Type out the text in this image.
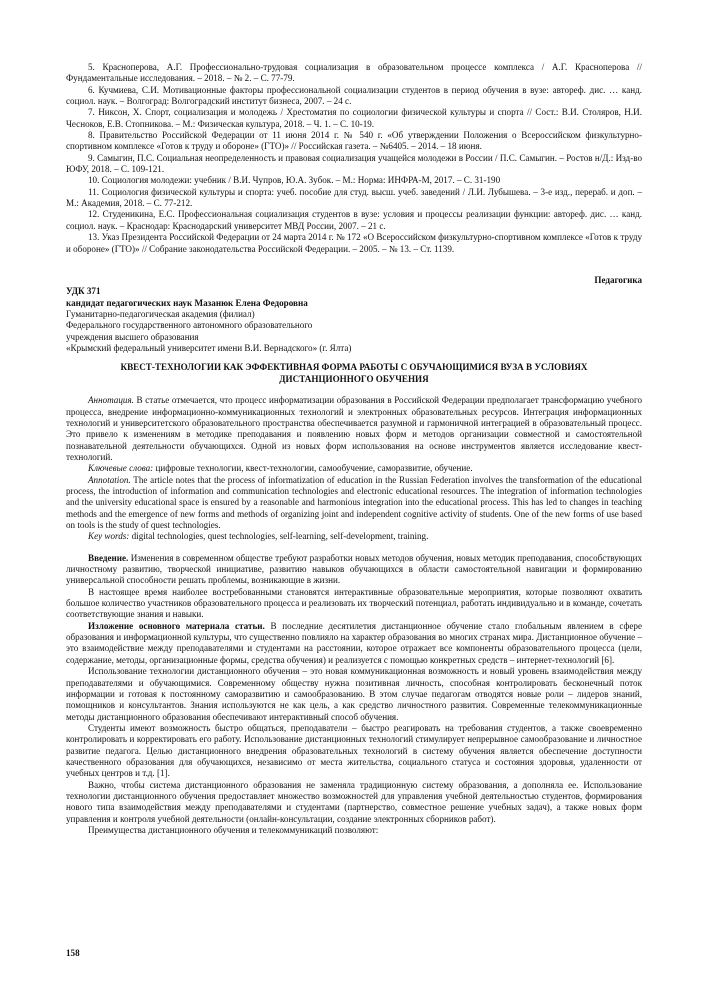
5. Красноперова, А.Г. Профессионально-трудовая социализация в образовательном процессе комплекса / А.Г. Красноперова // Фундаментальные исследования. – 2018. – № 2. – С. 77-79.

6. Кучмиева, С.И. Мотивационные факторы профессиональной социализации студентов в период обучения в вузе: автореф. дис. … канд. социол. наук. – Волгоград: Волгоградский институт бизнеса, 2007. – 24 с.

7. Никсон, Х. Спорт, социализация и молодежь / Хрестоматия по социологии физической культуры и спорта // Сост.: В.И. Столяров, Н.И. Чесноков, Е.В. Стопникова. – М.: Физическая культура, 2018. – Ч. 1. – С. 10-19.

8. Правительство Российской Федерации от 11 июня 2014 г. № 540 г. «Об утверждении Положения о Всероссийском физкультурно-спортивном комплексе «Готов к труду и обороне» (ГТО)» // Российская газета. – №6405. – 2014. – 18 июня.

9. Самыгин, П.С. Социальная неопределенность и правовая социализация учащейся молодежи в России / П.С. Самыгин. – Ростов н/Д.: Изд-во ЮФУ, 2018. – С. 109-121.

10. Социология молодежи: учебник / В.И. Чупров, Ю.А. Зубок. – М.: Норма: ИНФРА-М, 2017. – С. 31-190

11. Социология физической культуры и спорта: учеб. пособие для студ. высш. учеб. заведений / Л.И. Лубышева. – 3-е изд., перераб. и доп. – М.: Академия, 2018. – С. 77-212.

12. Студеникина, Е.С. Профессиональная социализация студентов в вузе: условия и процессы реализации функции: автореф. дис. … канд. социол. наук. – Краснодар: Краснодарский университет МВД России, 2007. – 21 с.

13. Указ Президента Российской Федерации от 24 марта 2014 г. № 172 «О Всероссийском физкультурно-спортивном комплексе «Готов к труду и обороне» (ГТО)» // Собрание законодательства Российской Федерации. – 2005. – № 13. – Ст. 1139.

Педагогика

УДК 371

кандидат педагогических наук Мазанюк Елена Федоровна

Гуманитарно-педагогическая академия (филиал)

Федерального государственного автономного образовательного

учреждения высшего образования

«Крымский федеральный университет имени В.И. Вернадского» (г. Ялта)

КВЕСТ-ТЕХНОЛОГИИ КАК ЭФФЕКТИВНАЯ ФОРМА РАБОТЫ С ОБУЧАЮЩИМИСЯ ВУЗА В УСЛОВИЯХ ДИСТАНЦИОННОГО ОБУЧЕНИЯ

Аннотация. В статье отмечается, что процесс информатизации образования в Российской Федерации предполагает трансформацию учебного процесса, внедрение информационно-коммуникационных технологий и электронных образовательных ресурсов. Интеграция информационных технологий и университетского образовательного пространства обеспечивается разумной и гармоничной интеграцией в образовательный процесс. Это привело к изменениям в методике преподавания и появлению новых форм и методов организации совместной и самостоятельной познавательной деятельности обучающихся. Одной из новых форм использования на основе инструментов является исследование квест-технологий.

Ключевые слова: цифровые технологии, квест-технологии, самообучение, саморазвитие, обучение.

Annotation. The article notes that the process of informatization of education in the Russian Federation involves the transformation of the educational process, the introduction of information and communication technologies and electronic educational resources. The integration of information technologies and the university educational space is ensured by a reasonable and harmonious integration into the educational process. This has led to changes in teaching methods and the emergence of new forms and methods of organizing joint and independent cognitive activity of students. One of the new forms of use based on tools is the study of quest technologies.

Key words: digital technologies, quest technologies, self-learning, self-development, training.

Введение. Изменения в современном обществе требуют разработки новых методов обучения, новых методик преподавания, способствующих личностному развитию, творческой инициативе, развитию навыков обучающихся в области самостоятельной навигации и формированию универсальной способности решать проблемы, возникающие в жизни.

В настоящее время наиболее востребованными становятся интерактивные образовательные мероприятия, которые позволяют охватить большое количество участников образовательного процесса и реализовать их творческий потенциал, работать индивидуально и в команде, сочетать соответствующие знания и навыки.

Изложение основного материала статьи. В последние десятилетия дистанционное обучение стало глобальным явлением в сфере образования и информационной культуры, что существенно повлияло на характер образования во многих странах мира. Дистанционное обучение – это взаимодействие между преподавателями и студентами на расстоянии, которое отражает все компоненты образовательного процесса (цели, содержание, методы, организационные формы, средства обучения) и реализуется с помощью конкретных средств – интернет-технологий [6].

Использование технологии дистанционного обучения – это новая коммуникационная возможность и новый уровень взаимодействия между преподавателями и обучающимися. Современному обществу нужна позитивная личность, способная контролировать бесконечный поток информации и готовая к постоянному саморазвитию и самообразованию. В этом случае педагогам отводятся новые роли – лидеров знаний, помощников и консультантов. Знания используются не как цель, а как средство личностного развития. Современные телекоммуникационные методы дистанционного образования обеспечивают интерактивный способ обучения.

Студенты имеют возможность быстро общаться, преподаватели – быстро реагировать на требования студентов, а также своевременно контролировать и корректировать его работу. Использование дистанционных технологий стимулирует непрерывное самообразование и личностное развитие педагога. Целью дистанционного внедрения образовательных технологий в систему обучения является обеспечение доступности качественного образования для обучающихся, независимо от места жительства, социального статуса и состояния здоровья, удаленности от учебных центров и т.д. [1].

Важно, чтобы система дистанционного образования не заменяла традиционную систему образования, а дополняла ее. Использование технологии дистанционного обучения предоставляет множество возможностей для управления учебной деятельностью студентов, формирования нового типа взаимодействия между преподавателями и студентами (партнерство, совместное решение учебных задач), а также новых форм управления и контроля учебной деятельности (онлайн-консультации, создание электронных сборников работ).

Преимущества дистанционного обучения и телекоммуникаций позволяют:

158
